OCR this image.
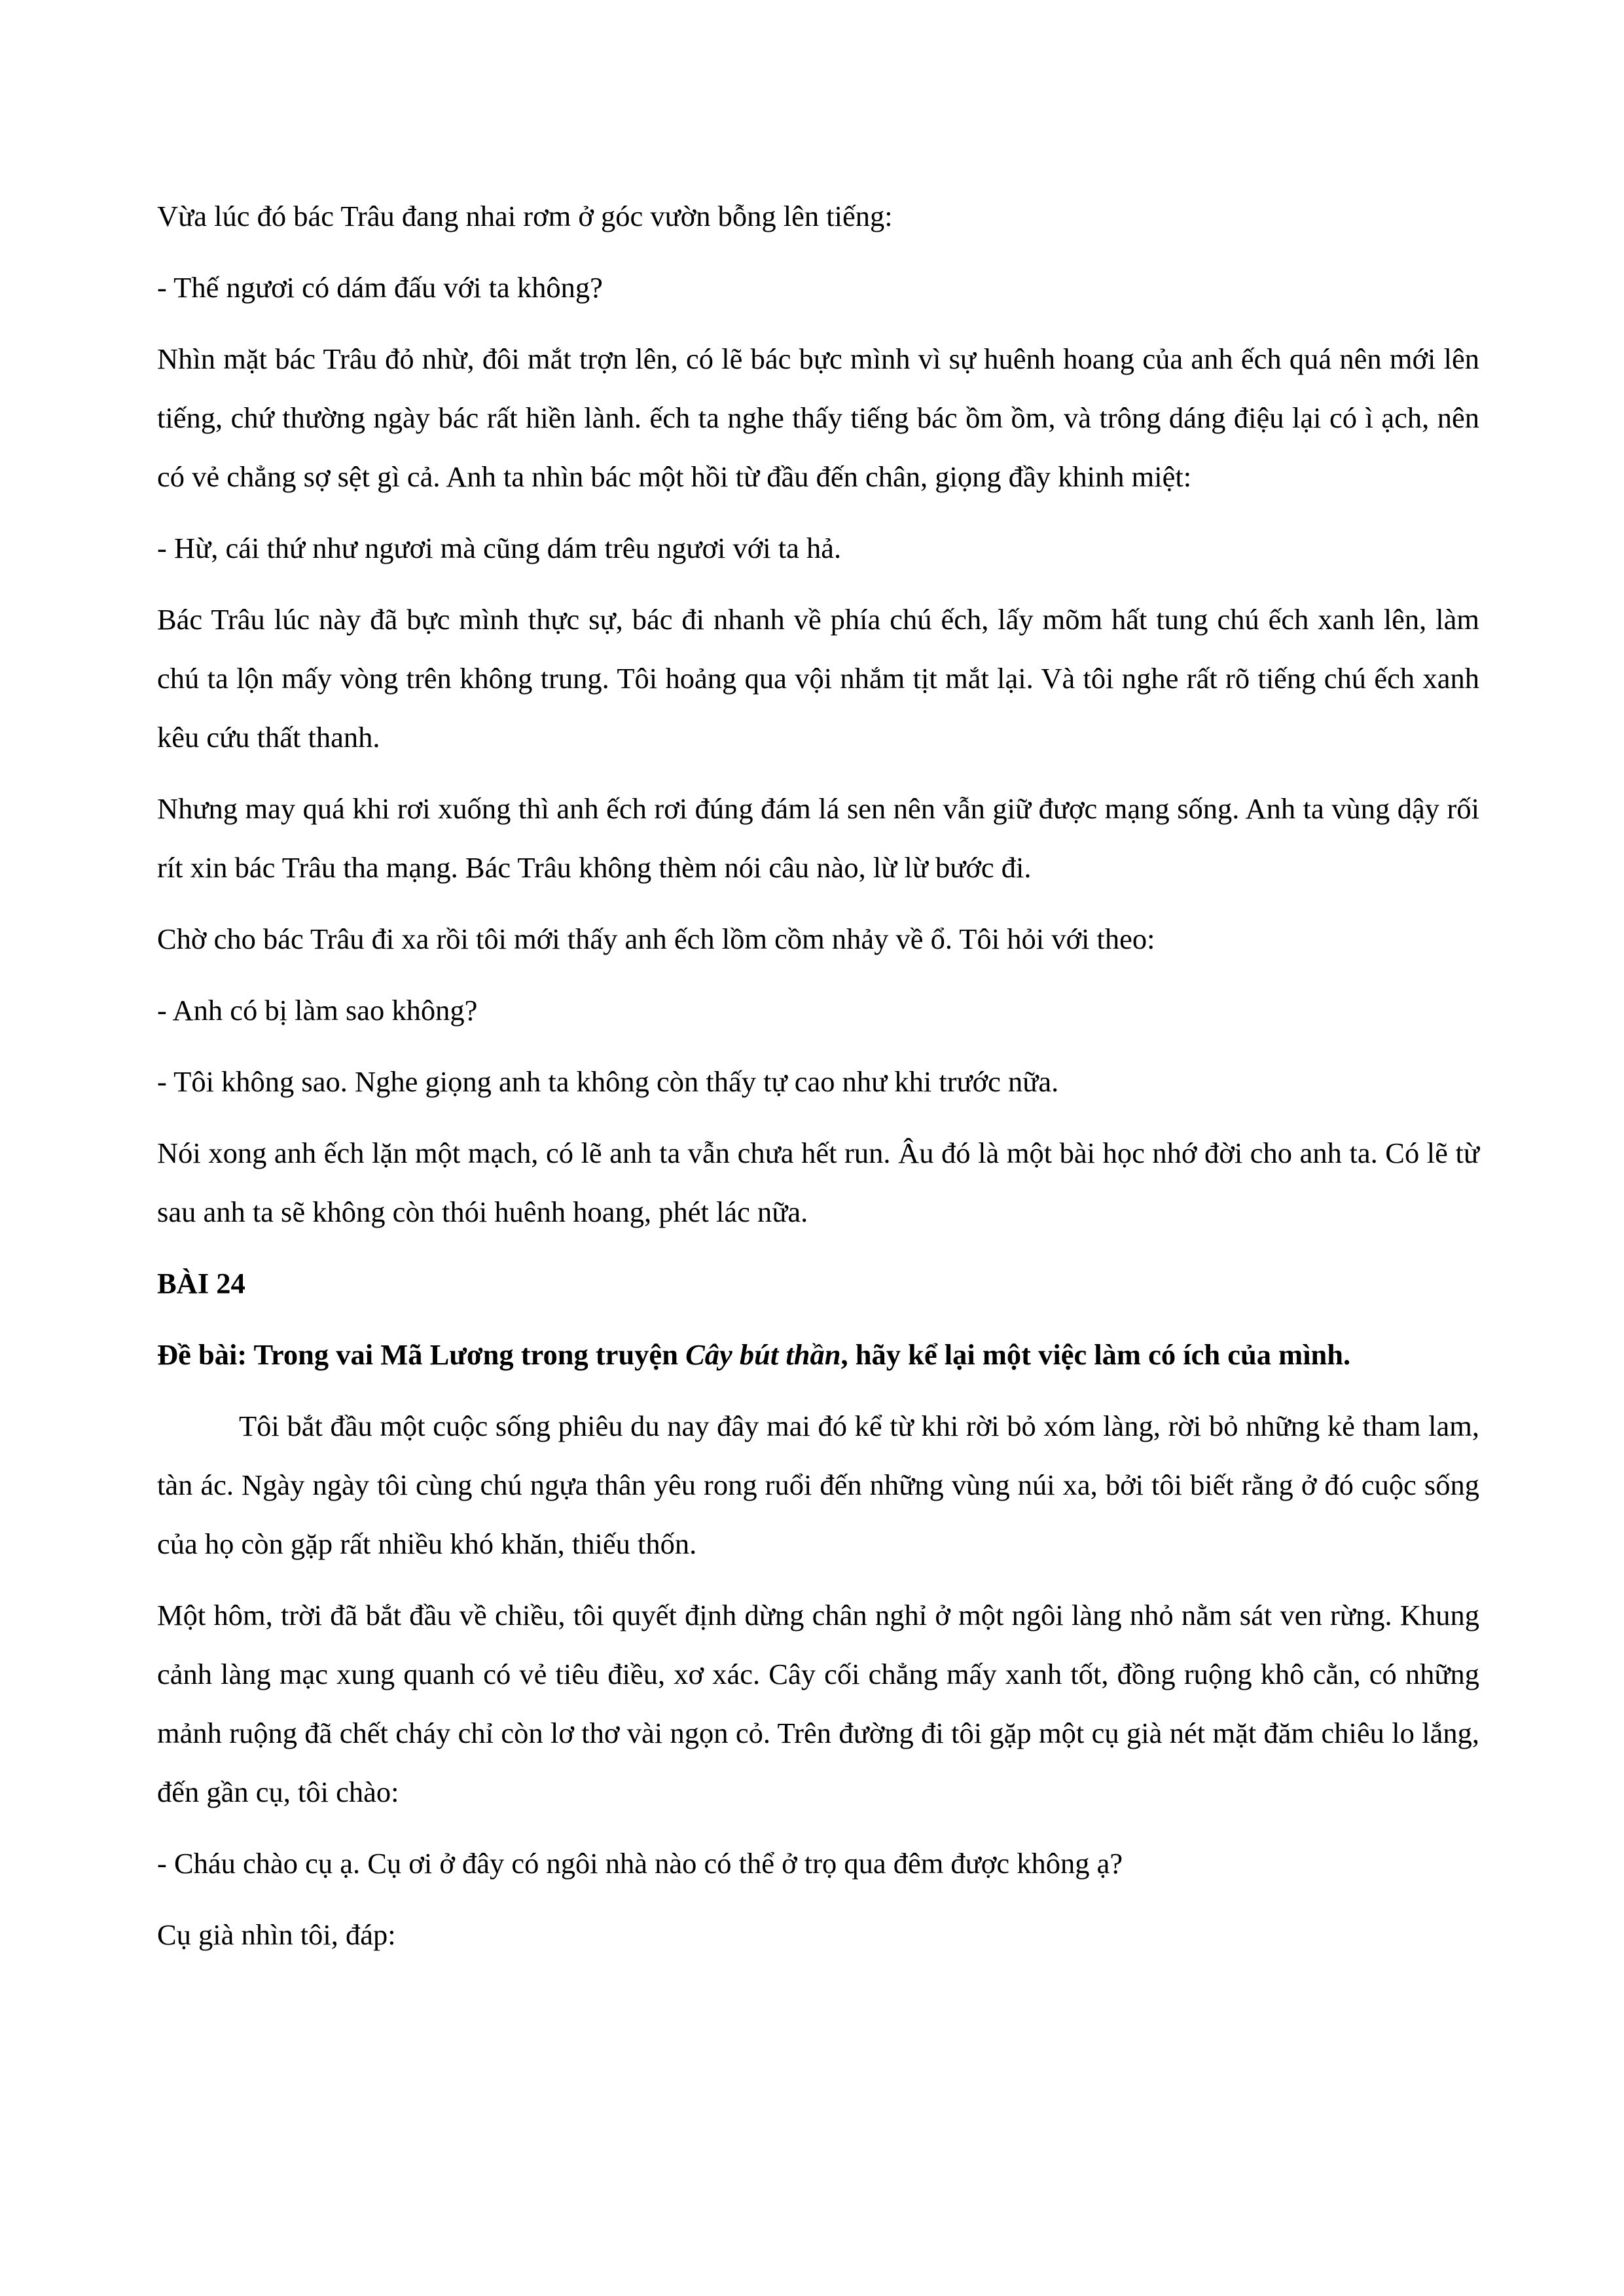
Vừa lúc đó bác Trâu đang nhai rơm ở góc vườn bỗng lên tiếng:

- Thế ngươi có dám đấu với ta không?

Nhìn mặt bác Trâu đỏ nhừ, đôi mắt trợn lên, có lẽ bác bực mình vì sự huênh hoang của anh ếch quá nên mới lên tiếng, chứ thường ngày bác rất hiền lành. ếch ta nghe thấy tiếng bác ồm ồm, và trông dáng điệu lại có ì ạch, nên có vẻ chẳng sợ sệt gì cả. Anh ta nhìn bác một hồi từ đầu đến chân, giọng đầy khinh miệt:

- Hừ, cái thứ như ngươi mà cũng dám trêu ngươi với ta hả.

Bác Trâu lúc này đã bực mình thực sự, bác đi nhanh về phía chú ếch, lấy mõm hất tung chú ếch xanh lên, làm chú ta lộn mấy vòng trên không trung. Tôi hoảng qua vội nhắm tịt mắt lại. Và tôi nghe rất rõ tiếng chú ếch xanh kêu cứu thất thanh.

Nhưng may quá khi rơi xuống thì anh ếch rơi đúng đám lá sen nên vẫn giữ được mạng sống. Anh ta vùng dậy rối rít xin bác Trâu tha mạng. Bác Trâu không thèm nói câu nào, lừ lừ bước đi.

Chờ cho bác Trâu đi xa rồi tôi mới thấy anh ếch lồm cồm nhảy về ổ. Tôi hỏi với theo:

- Anh có bị làm sao không?

- Tôi không sao. Nghe giọng anh ta không còn thấy tự cao như khi trước nữa.

Nói xong anh ếch lặn một mạch, có lẽ anh ta vẫn chưa hết run. Âu đó là một bài học nhớ đời cho anh ta. Có lẽ từ sau anh ta sẽ không còn thói huênh hoang, phét lác nữa.

BÀI 24

Đề bài: Trong vai Mã Lương trong truyện Cây bút thần, hãy kể lại một việc làm có ích của mình.

Tôi bắt đầu một cuộc sống phiêu du nay đây mai đó kể từ khi rời bỏ xóm làng, rời bỏ những kẻ tham lam, tàn ác. Ngày ngày tôi cùng chú ngựa thân yêu rong ruổi đến những vùng núi xa, bởi tôi biết rằng ở đó cuộc sống của họ còn gặp rất nhiều khó khăn, thiếu thốn.

Một hôm, trời đã bắt đầu về chiều, tôi quyết định dừng chân nghỉ ở một ngôi làng nhỏ nằm sát ven rừng. Khung cảnh làng mạc xung quanh có vẻ tiêu điều, xơ xác. Cây cối chẳng mấy xanh tốt, đồng ruộng khô cằn, có những mảnh ruộng đã chết cháy chỉ còn lơ thơ vài ngọn cỏ. Trên đường đi tôi gặp một cụ già nét mặt đăm chiêu lo lắng, đến gần cụ, tôi chào:

- Cháu chào cụ ạ. Cụ ơi ở đây có ngôi nhà nào có thể ở trọ qua đêm được không ạ?

Cụ già nhìn tôi, đáp:
